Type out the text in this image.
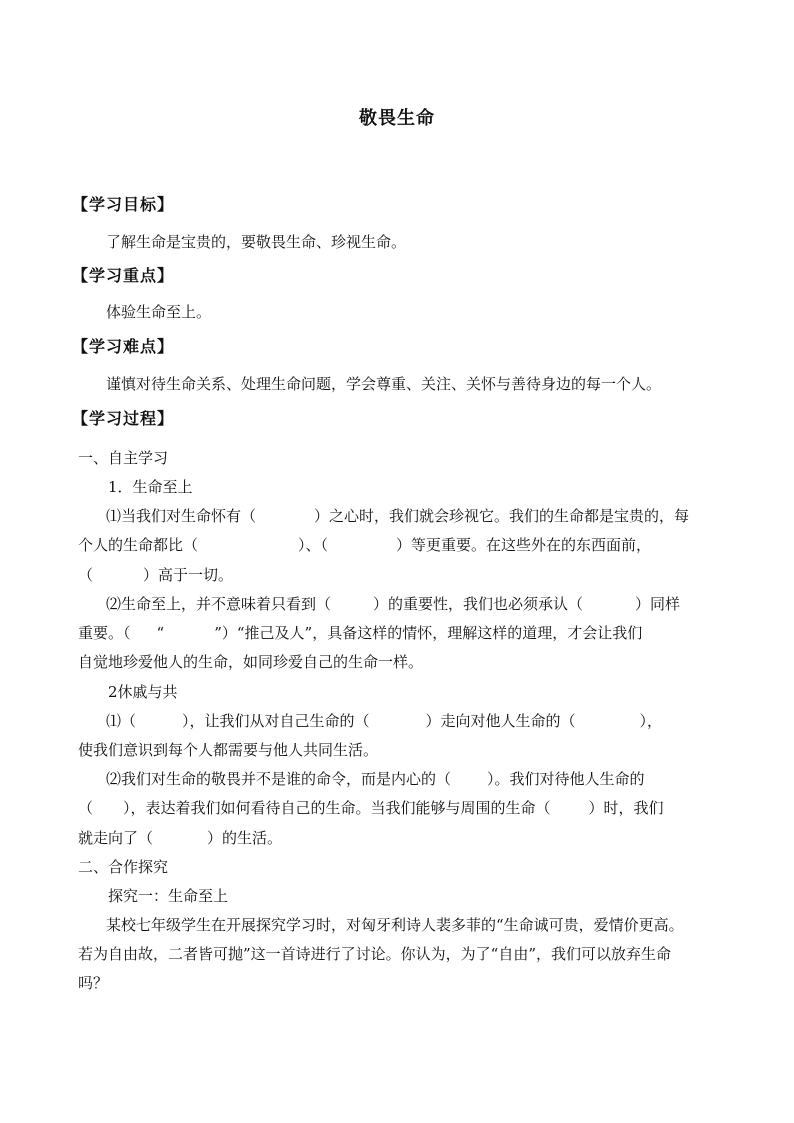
敬畏生命
【学习目标】
了解生命是宝贵的，要敬畏生命、珍视生命。
【学习重点】
体验生命至上。
【学习难点】
谨慎对待生命关系、处理生命问题，学会尊重、关注、关怀与善待身边的每一个人。
【学习过程】
一、自主学习
1．生命至上
⑴当我们对生命怀有（	）之心时，我们就会珍视它。我们的生命都是宝贵的，每
个人的生命都比（	）、（	）等更重要。在这些外在的东西面前，
（	）高于一切。
⑵生命至上，并不意味着只看到（	）的重要性，我们也必须承认（	）同样
重要。（ “	”）“推己及人”，具备这样的情怀，理解这样的道理，才会让我们
自觉地珍爱他人的生命，如同珍爱自己的生命一样。
2休戚与共
⑴（	），让我们从对自己生命的（	）走向对他人生命的（	），
使我们意识到每个人都需要与他人共同生活。
⑵我们对生命的敬畏并不是谁的命令，而是内心的（ ）。我们对待他人生命的
（ ），表达着我们如何看待自己的生命。当我们能够与周围的生命（	）时，我们
就走向了（	）的生活。
二、合作探究
探究一：生命至上
某校七年级学生在开展探究学习时，对匈牙利诗人裴多菲的“生命诚可贵，爱情价更高。
若为自由故，二者皆可抛”这一首诗进行了讨论。你认为，为了“自由”，我们可以放弃生命
吗？
